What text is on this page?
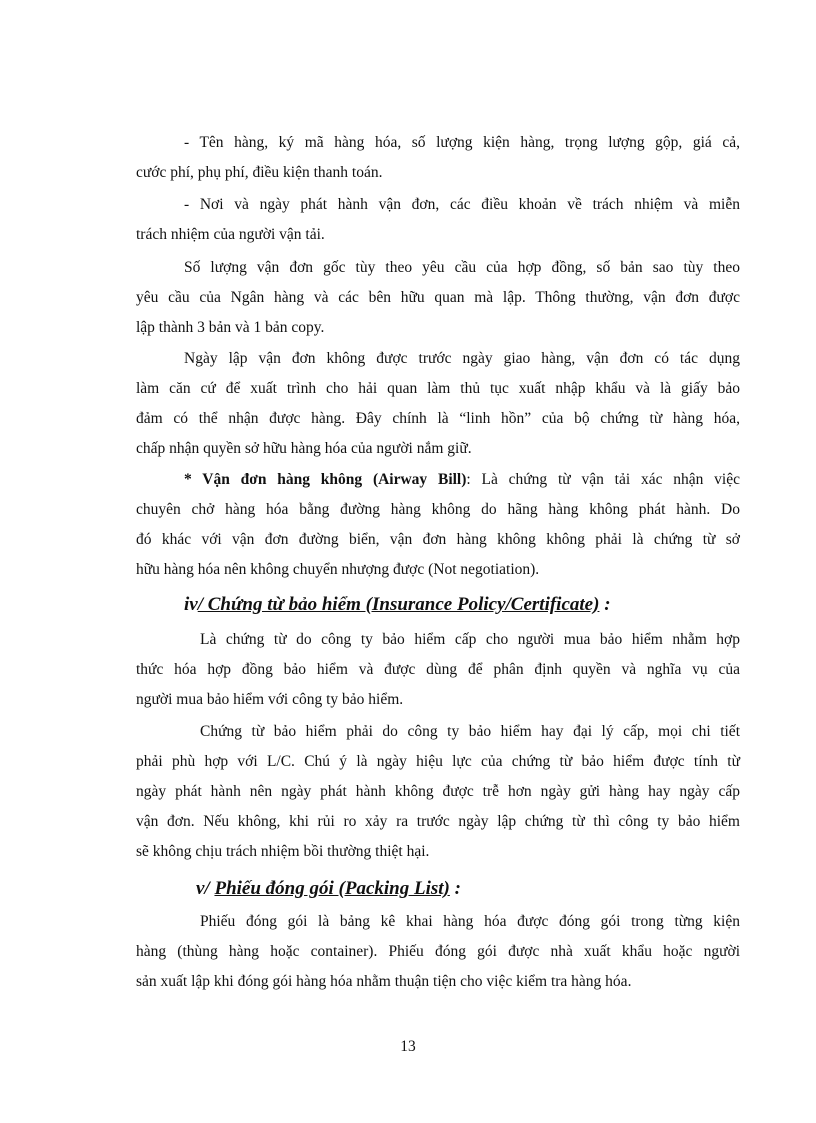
- Tên hàng, ký mã hàng hóa, số lượng kiện hàng, trọng lượng gộp, giá cả,
cước phí, phụ phí, điều kiện thanh toán.

- Nơi và ngày phát hành vận đơn, các điều khoản về trách nhiệm và miễn
trách nhiệm của người vận tải.

Số lượng vận đơn gốc tùy theo yêu cầu của hợp đồng, số bản sao tùy theo
yêu cầu của Ngân hàng và các bên hữu quan mà lập. Thông thường, vận đơn được
lập thành 3 bản và 1 bản copy.

Ngày lập vận đơn không được trước ngày giao hàng, vận đơn có tác dụng
làm căn cứ để xuất trình cho hải quan làm thủ tục xuất nhập khẩu và là giấy bảo
đảm có thể nhận được hàng. Đây chính là “linh hồn” của bộ chứng từ hàng hóa,
chấp nhận quyền sở hữu hàng hóa của người nắm giữ.

* Vận đơn hàng không (Airway Bill): Là chứng từ vận tải xác nhận việc
chuyên chở hàng hóa bằng đường hàng không do hãng hàng không phát hành. Do
đó khác với vận đơn đường biển, vận đơn hàng không không phải là chứng từ sở
hữu hàng hóa nên không chuyển nhượng được (Not negotiation).

iv/ Chứng từ bảo hiểm (Insurance Policy/Certificate) :

Là chứng từ do công ty bảo hiểm cấp cho người mua bảo hiểm nhằm hợp
thức hóa hợp đồng bảo hiểm và được dùng để phân định quyền và nghĩa vụ của
người mua bảo hiểm với công ty bảo hiểm.

Chứng từ bảo hiểm phải do công ty bảo hiểm hay đại lý cấp, mọi chi tiết
phải phù hợp với L/C. Chú ý là ngày hiệu lực của chứng từ bảo hiểm được tính từ
ngày phát hành nên ngày phát hành không được trễ hơn ngày gửi hàng hay ngày cấp
vận đơn. Nếu không, khi rủi ro xảy ra trước ngày lập chứng từ thì công ty bảo hiểm
sẽ không chịu trách nhiệm bồi thường thiệt hại.

v/ Phiếu đóng gói (Packing List) :

Phiếu đóng gói là bảng kê khai hàng hóa được đóng gói trong từng kiện
hàng (thùng hàng hoặc container). Phiếu đóng gói được nhà xuất khẩu hoặc người
sản xuất lập khi đóng gói hàng hóa nhằm thuận tiện cho việc kiểm tra hàng hóa.

13
